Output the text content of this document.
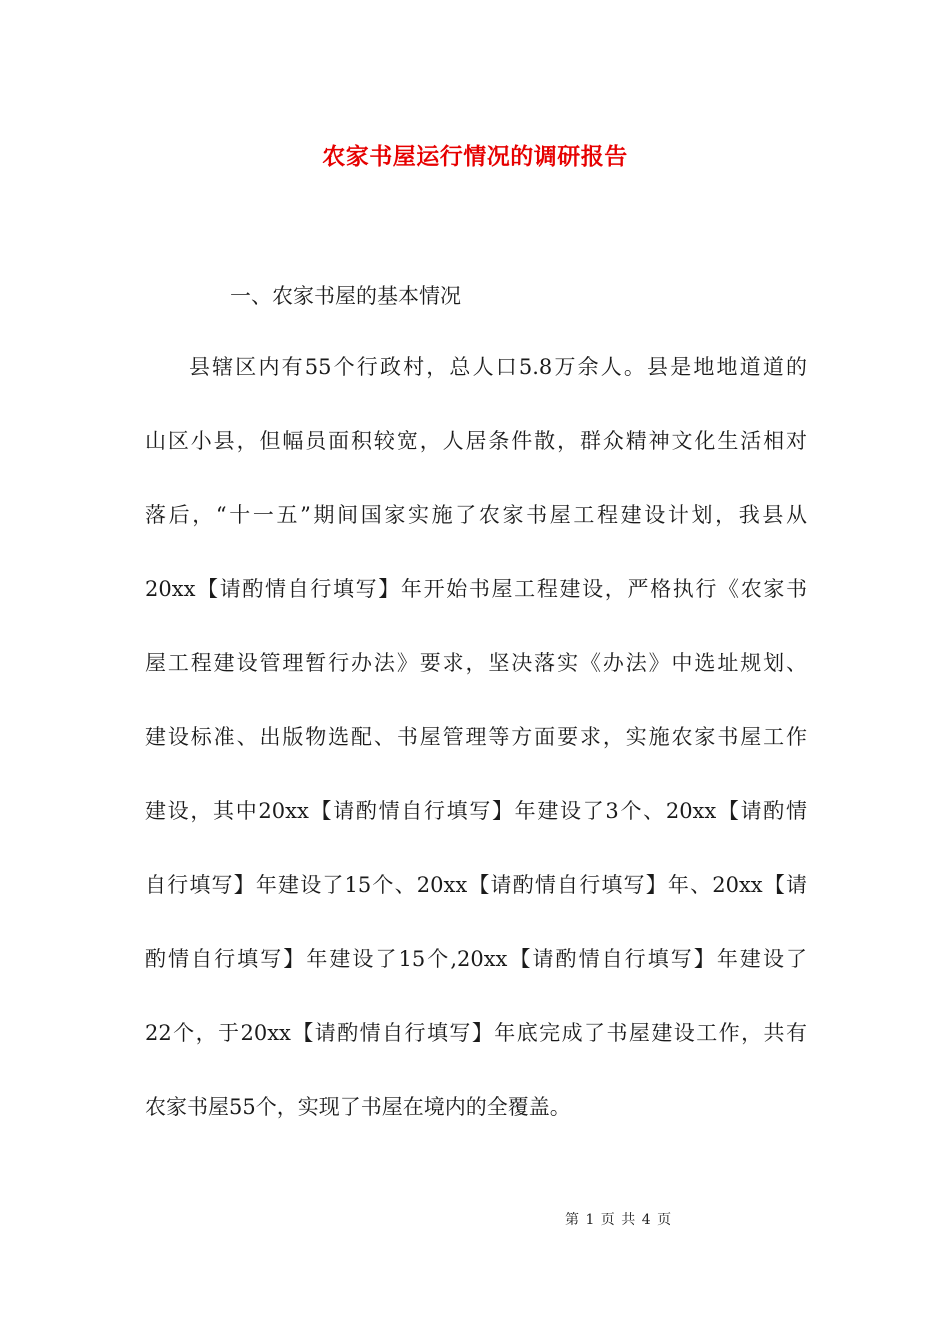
农家书屋运行情况的调研报告

一、农家书屋的基本情况

县辖区内有55个行政村，总人口5.8万余人。县是地地道道的
山区小县，但幅员面积较宽，人居条件散，群众精神文化生活相对
落后，“十一五”期间国家实施了农家书屋工程建设计划，我县从
20xx【请酌情自行填写】年开始书屋工程建设，严格执行《农家书
屋工程建设管理暂行办法》要求，坚决落实《办法》中选址规划、
建设标准、出版物选配、书屋管理等方面要求，实施农家书屋工作
建设，其中20xx【请酌情自行填写】年建设了3个、20xx【请酌情
自行填写】年建设了15个、20xx【请酌情自行填写】年、20xx【请
酌情自行填写】年建设了15个,20xx【请酌情自行填写】年建设了
22个，于20xx【请酌情自行填写】年底完成了书屋建设工作，共有
农家书屋55个，实现了书屋在境内的全覆盖。
第 1 页 共 4 页
